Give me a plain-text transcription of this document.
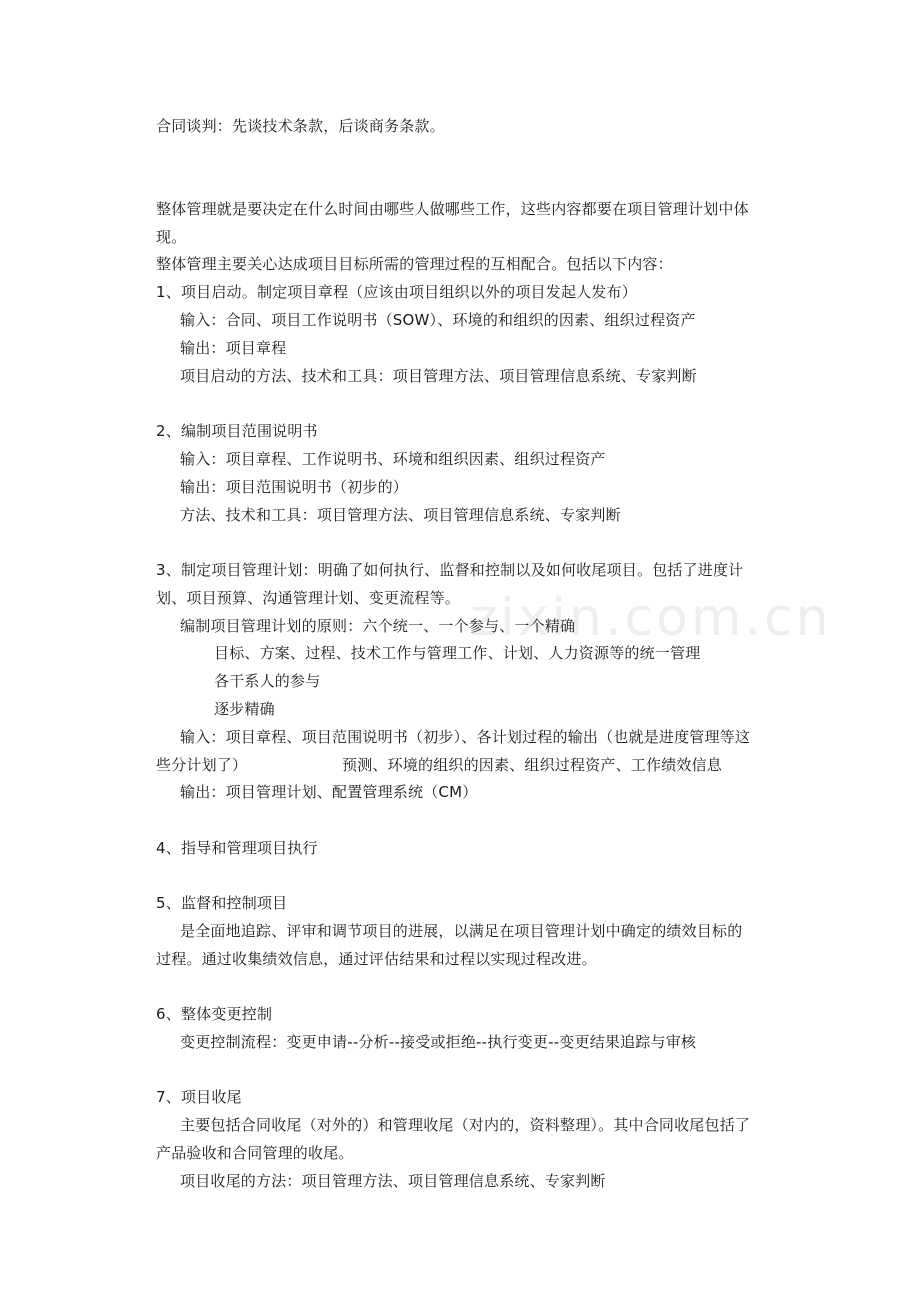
zixin.com.cn
合同谈判：先谈技术条款，后谈商务条款。
整体管理就是要决定在什么时间由哪些人做哪些工作，这些内容都要在项目管理计划中体
现。
整体管理主要关心达成项目目标所需的管理过程的互相配合。包括以下内容：
1、项目启动。制定项目章程（应该由项目组织以外的项目发起人发布）
输入：合同、项目工作说明书（SOW）、环境的和组织的因素、组织过程资产
输出：项目章程
项目启动的方法、技术和工具：项目管理方法、项目管理信息系统、专家判断
2、编制项目范围说明书
输入：项目章程、工作说明书、环境和组织因素、组织过程资产
输出：项目范围说明书（初步的）
方法、技术和工具：项目管理方法、项目管理信息系统、专家判断
3、制定项目管理计划：明确了如何执行、监督和控制以及如何收尾项目。包括了进度计
划、项目预算、沟通管理计划、变更流程等。
编制项目管理计划的原则：六个统一、一个参与、一个精确
目标、方案、过程、技术工作与管理工作、计划、人力资源等的统一管理
各干系人的参与
逐步精确
输入：项目章程、项目范围说明书（初步）、各计划过程的输出（也就是进度管理等这
些分计划了）	预测、环境的组织的因素、组织过程资产、工作绩效信息
输出：项目管理计划、配置管理系统（CM）
4、指导和管理项目执行
5、监督和控制项目
是全面地追踪、评审和调节项目的进展，以满足在项目管理计划中确定的绩效目标的
过程。通过收集绩效信息，通过评估结果和过程以实现过程改进。
6、整体变更控制
变更控制流程：变更申请--分析--接受或拒绝--执行变更--变更结果追踪与审核
7、项目收尾
主要包括合同收尾（对外的）和管理收尾（对内的，资料整理）。其中合同收尾包括了
产品验收和合同管理的收尾。
项目收尾的方法：项目管理方法、项目管理信息系统、专家判断
